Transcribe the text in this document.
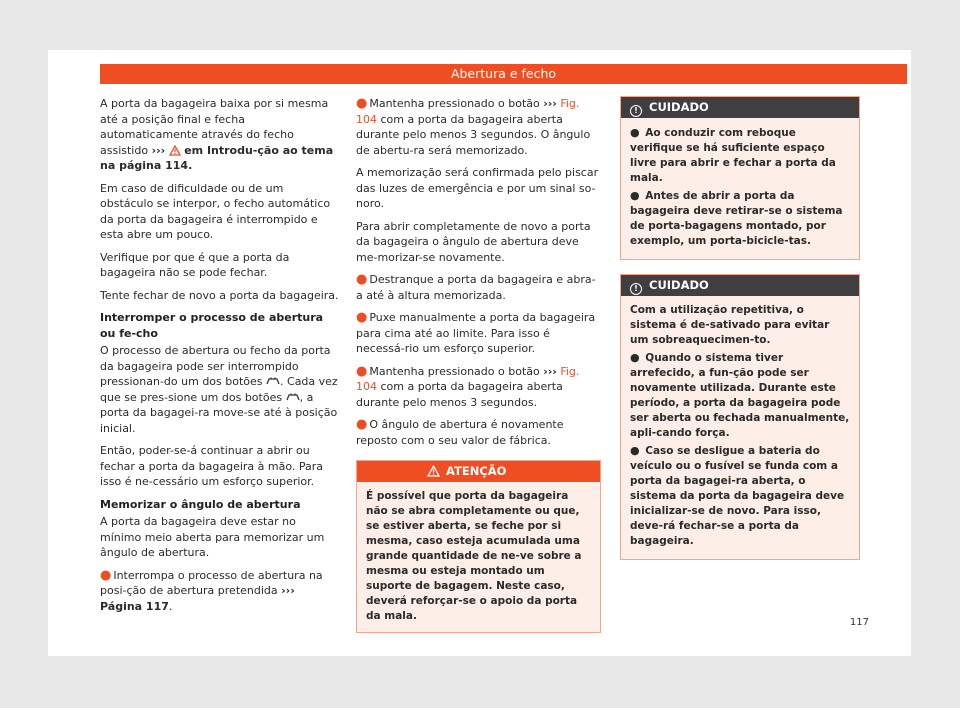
Abertura e fecho

A porta da bagageira baixa por si mesma até a posição final e fecha automaticamente através do fecho assistido ››› em Introdu-ção ao tema na página 114.

Em caso de dificuldade ou de um obstáculo se interpor, o fecho automático da porta da bagageira é interrompido e esta abre um pouco.

Verifique por que é que a porta da bagageira não se pode fechar.

Tente fechar de novo a porta da bagageira.

Interromper o processo de abertura ou fe-cho

O processo de abertura ou fecho da porta da bagageira pode ser interrompido pressionan-do um dos botões . Cada vez que se pres-sione um dos botões , a porta da bagagei-ra move-se até à posição inicial.

Então, poder-se-á continuar a abrir ou fechar a porta da bagageira à mão. Para isso é ne-cessário um esforço superior.

Memorizar o ângulo de abertura

A porta da bagageira deve estar no mínimo meio aberta para memorizar um ângulo de abertura.

● Interrompa o processo de abertura na posi-ção de abertura pretendida ››› Página 117.

● Mantenha pressionado o botão ››› Fig. 104 com a porta da bagageira aberta durante pelo menos 3 segundos. O ângulo de abertu-ra será memorizado.

A memorização será confirmada pelo piscar das luzes de emergência e por um sinal so-noro.

Para abrir completamente de novo a porta da bagageira o ângulo de abertura deve me-morizar-se novamente.

● Destranque a porta da bagageira e abra-a até à altura memorizada.

● Puxe manualmente a porta da bagageira para cima até ao limite. Para isso é necessá-rio um esforço superior.

● Mantenha pressionado o botão ››› Fig. 104 com a porta da bagageira aberta durante pelo menos 3 segundos.

● O ângulo de abertura é novamente reposto com o seu valor de fábrica.

ATENÇÃO
É possível que porta da bagageira não se abra completamente ou que, se estiver aberta, se feche por si mesma, caso esteja acumulada uma grande quantidade de ne-ve sobre a mesma ou esteja montado um suporte de bagagem. Neste caso, deverá reforçar-se o apoio da porta da mala.
! CUIDADO

● Ao conduzir com reboque verifique se há suficiente espaço livre para abrir e fechar a porta da mala.

● Antes de abrir a porta da bagageira deve retirar-se o sistema de porta-bagagens montado, por exemplo, um porta-biciclе-tas.

! CUIDADO

Com a utilização repetitiva, o sistema é de-sativado para evitar um sobreaquecimen-to.

● Quando o sistema tiver arrefecido, a fun-ção pode ser novamente utilizada. Durante este período, a porta da bagageira pode ser aberta ou fechada manualmente, apli-cando força.

● Caso se desligue a bateria do veículo ou o fusível se funda com a porta da bagagei-ra aberta, o sistema da porta da bagageira deve inicializar-se de novo. Para isso, deve-rá fechar-se a porta da bagageira.

117
